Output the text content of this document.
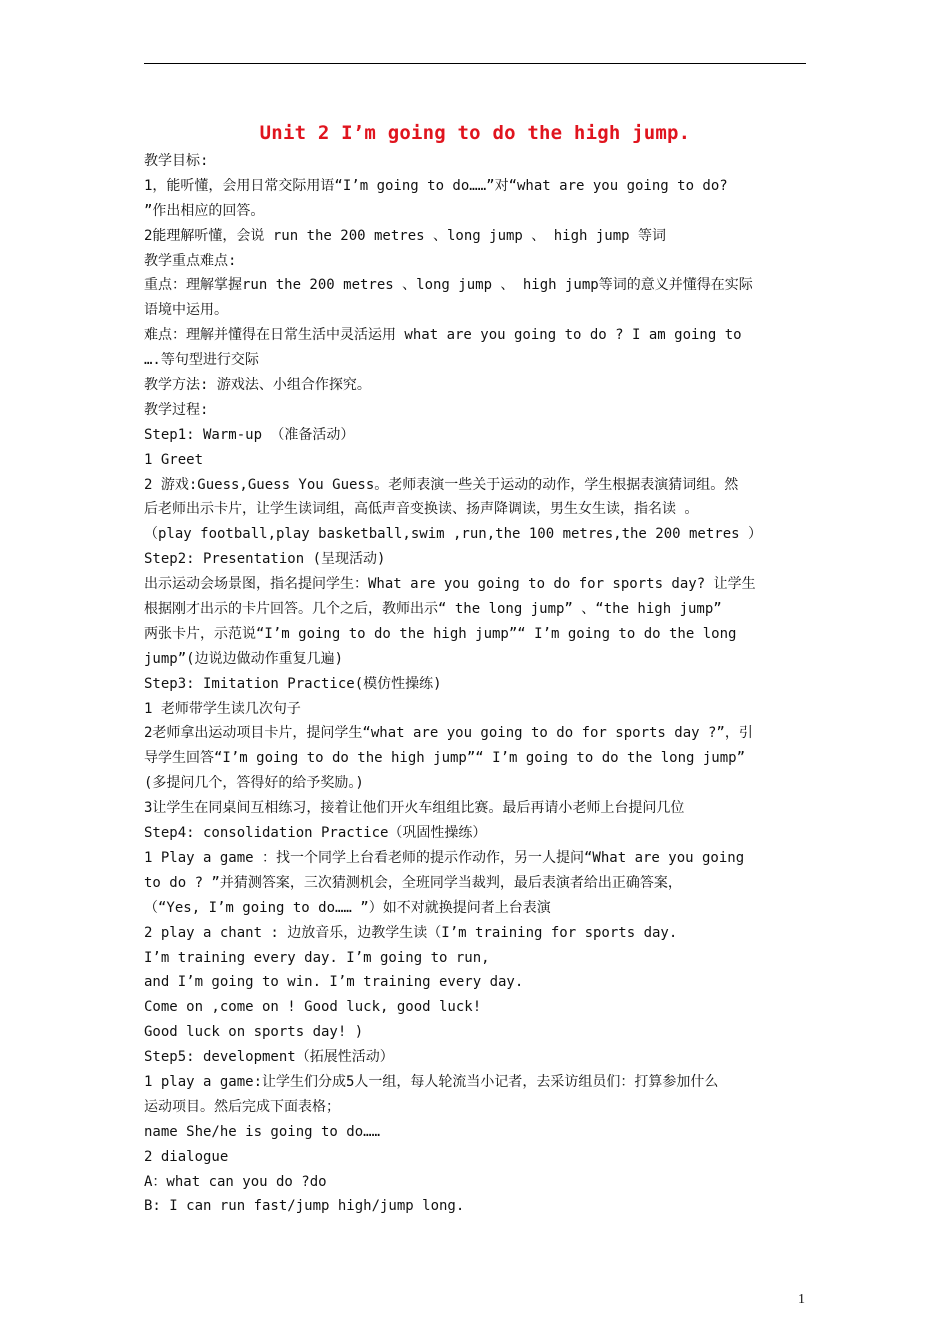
Unit 2 I’m going to do the high jump.
教学目标:
1，能听懂，会用日常交际用语“I’m going to do……”对“what are you going to do?
”作出相应的回答。
2能理解听懂，会说 run the 200 metres 、long jump 、 high jump 等词
教学重点难点:
重点：理解掌握run the 200 metres 、long jump 、 high jump等词的意义并懂得在实际
语境中运用。
难点：理解并懂得在日常生活中灵活运用 what are you going to do ? I am going to
….等句型进行交际
教学方法: 游戏法、小组合作探究。
教学过程:
Step1: Warm-up （准备活动）
1 Greet
2 游戏:Guess,Guess You Guess。老师表演一些关于运动的动作，学生根据表演猜词组。然
后老师出示卡片，让学生读词组，高低声音变换读、扬声降调读，男生女生读，指名读 。
（play football,play basketball,swim ,run,the 100 metres,the 200 metres ）
Step2: Presentation (呈现活动)
出示运动会场景图，指名提问学生：What are you going to do for sports day? 让学生
根据刚才出示的卡片回答。几个之后，教师出示“ the long jump” 、“the high jump”
两张卡片，示范说“I’m going to do the high jump”“ I’m going to do the long
jump”(边说边做动作重复几遍)
Step3: Imitation Practice(模仿性操练)
1 老师带学生读几次句子
2老师拿出运动项目卡片，提问学生“what are you going to do for sports day ?”，引
导学生回答“I’m going to do the high jump”“ I’m going to do the long jump”
(多提问几个，答得好的给予奖励。)
3让学生在同桌间互相练习，接着让他们开火车组组比赛。最后再请小老师上台提问几位
Step4: consolidation Practice（巩固性操练）
1 Play a game ：找一个同学上台看老师的提示作动作，另一人提问“What are you going
to do ? ”并猜测答案，三次猜测机会，全班同学当裁判，最后表演者给出正确答案，
（“Yes, I’m going to do…… ”）如不对就换提问者上台表演
2 play a chant : 边放音乐，边教学生读（I’m training for sports day.
I’m training every day. I’m going to run,
and I’m going to win. I’m training every day.
Come on ,come on ! Good luck, good luck!
Good luck on sports day! )
Step5: development（拓展性活动）
1 play a game:让学生们分成5人一组，每人轮流当小记者，去采访组员们：打算参加什么
运动项目。然后完成下面表格；
name She/he is going to do……
2 dialogue
A：what can you do ?do
B: I can run fast/jump high/jump long.
1
